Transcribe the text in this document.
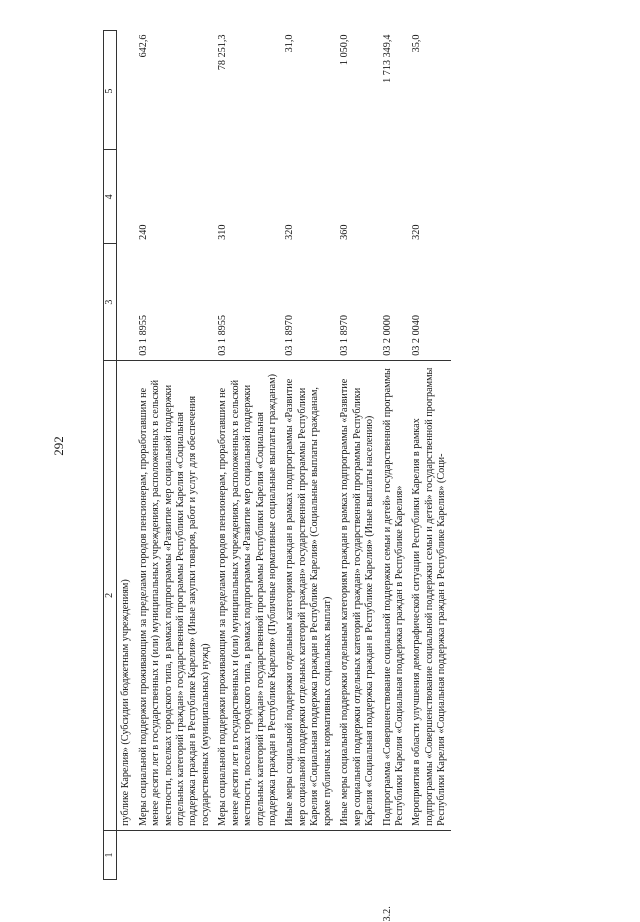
292
1	2	3	4	5
	публике Карелия» (Субсидии бюджетным учреждениям)			
	Меры социальной поддержки проживающим за пределами городов пенсионерам, проработавшим не менее десяти лет в государственных и (или) муниципальных учреждениях, расположенных в сельской местности, поселках городского типа, в рамках подпрограммы «Развитие мер социальной поддержки отдельных категорий граждан» государственной программы Республики Карелия «Социальная поддержка граждан в Республике Карелия» (Иные закупки товаров, работ и услуг для обеспечения государственных (муниципальных) нужд)	03 1 8955	240	642,6
	Меры социальной поддержки проживающим за пределами городов пенсионерам, проработавшим не менее десяти лет в государственных и (или) муниципальных учреждениях, расположенных в сельской местности, поселках городского типа, в рамках подпрограммы «Развитие мер социальной поддержки отдельных категорий граждан» государственной программы Республики Карелия «Социальная поддержка граждан в Республике Карелия» (Публичные нормативные социальные выплаты гражданам)	03 1 8955	310	78 251,3
	Иные меры социальной поддержки отдельным категориям граждан в рамках подпрограммы «Развитие мер социальной поддержки отдельных категорий граждан» государственной программы Республики Карелия «Социальная поддержка граждан в Республике Карелия» (Социальные выплаты гражданам, кроме публичных нормативных социальных выплат)	03 1 8970	320	31,0
	Иные меры социальной поддержки отдельным категориям граждан в рамках подпрограммы «Развитие мер социальной поддержки отдельных категорий граждан» государственной программы Республики Карелия «Социальная поддержка граждан в Республике Карелия» (Иные выплаты населению)	03 1 8970	360	1 050,0
3.2.	Подпрограмма «Совершенствование социальной поддержки семьи и детей» государственной программы Республики Карелия «Социальная поддержка граждан в Республике Карелия»	03 2 0000		1 713 349,4
	Мероприятия в области улучшения демографической ситуации Республики Карелия в рамках подпрограммы «Совершенствование социальной поддержки семьи и детей» государственной программы Республики Карелия «Социальная поддержка граждан в Республике Карелия» (Соци-	03 2 0040	320	35,0
